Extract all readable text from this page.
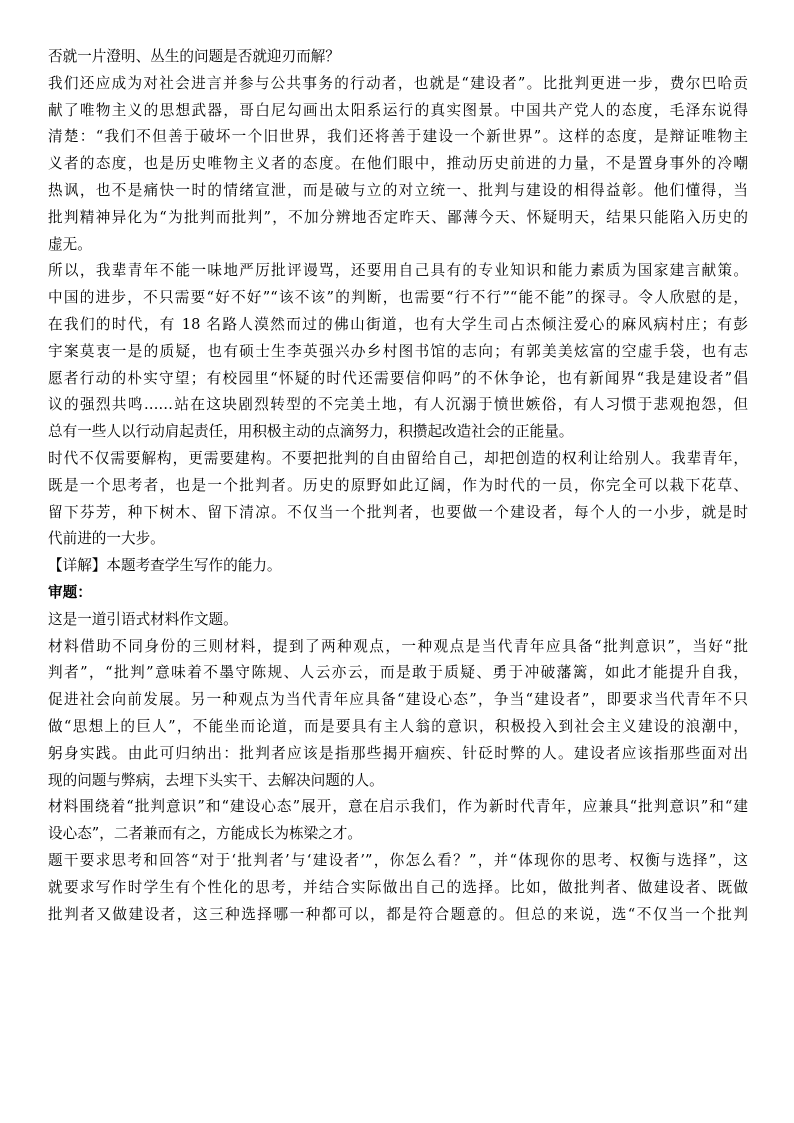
否就一片澄明、丛生的问题是否就迎刃而解？
我们还应成为对社会进言并参与公共事务的行动者，也就是“建设者”。比批判更进一步，费尔巴哈贡
献了唯物主义的思想武器，哥白尼勾画出太阳系运行的真实图景。中国共产党人的态度，毛泽东说得
清楚：“我们不但善于破坏一个旧世界，我们还将善于建设一个新世界”。这样的态度，是辩证唯物主
义者的态度，也是历史唯物主义者的态度。在他们眼中，推动历史前进的力量，不是置身事外的冷嘲
热讽，也不是痛快一时的情绪宣泄，而是破与立的对立统一、批判与建设的相得益彰。他们懂得，当
批判精神异化为“为批判而批判”，不加分辨地否定昨天、鄙薄今天、怀疑明天，结果只能陷入历史的
虚无。
所以，我辈青年不能一味地严厉批评谩骂，还要用自己具有的专业知识和能力素质为国家建言献策。
中国的进步，不只需要“好不好”“该不该”的判断，也需要“行不行”“能不能”的探寻。令人欣慰的是，
在我们的时代，有 18 名路人漠然而过的佛山街道，也有大学生司占杰倾注爱心的麻风病村庄；有彭
宇案莫衷一是的质疑，也有硕士生李英强兴办乡村图书馆的志向；有郭美美炫富的空虚手袋，也有志
愿者行动的朴实守望；有校园里“怀疑的时代还需要信仰吗”的不休争论，也有新闻界“我是建设者”倡
议的强烈共鸣……站在这块剧烈转型的不完美土地，有人沉溺于愤世嫉俗，有人习惯于悲观抱怨，但
总有一些人以行动肩起责任，用积极主动的点滴努力，积攒起改造社会的正能量。
时代不仅需要解构，更需要建构。不要把批判的自由留给自己，却把创造的权利让给别人。我辈青年，
既是一个思考者，也是一个批判者。历史的原野如此辽阔，作为时代的一员，你完全可以栽下花草、
留下芬芳，种下树木、留下清凉。不仅当一个批判者，也要做一个建设者，每个人的一小步，就是时
代前进的一大步。
【详解】本题考查学生写作的能力。
审题：
这是一道引语式材料作文题。
材料借助不同身份的三则材料，提到了两种观点，一种观点是当代青年应具备“批判意识”，当好“批
判者”，“批判”意味着不墨守陈规、人云亦云，而是敢于质疑、勇于冲破藩篱，如此才能提升自我，
促进社会向前发展。另一种观点为当代青年应具备“建设心态”，争当“建设者”，即要求当代青年不只
做“思想上的巨人”，不能坐而论道，而是要具有主人翁的意识，积极投入到社会主义建设的浪潮中，
躬身实践。由此可归纳出：批判者应该是指那些揭开痼疾、针砭时弊的人。建设者应该指那些面对出
现的问题与弊病，去埋下头实干、去解决问题的人。
材料围绕着“批判意识”和“建设心态”展开，意在启示我们，作为新时代青年，应兼具“批判意识”和“建
设心态”，二者兼而有之，方能成长为栋梁之才。
题干要求思考和回答“对于‘批判者’与‘建设者’”，你怎么看？”，并“体现你的思考、权衡与选择”，这
就要求写作时学生有个性化的思考，并结合实际做出自己的选择。比如，做批判者、做建设者、既做
批判者又做建设者，这三种选择哪一种都可以，都是符合题意的。但总的来说，选“不仅当一个批判
